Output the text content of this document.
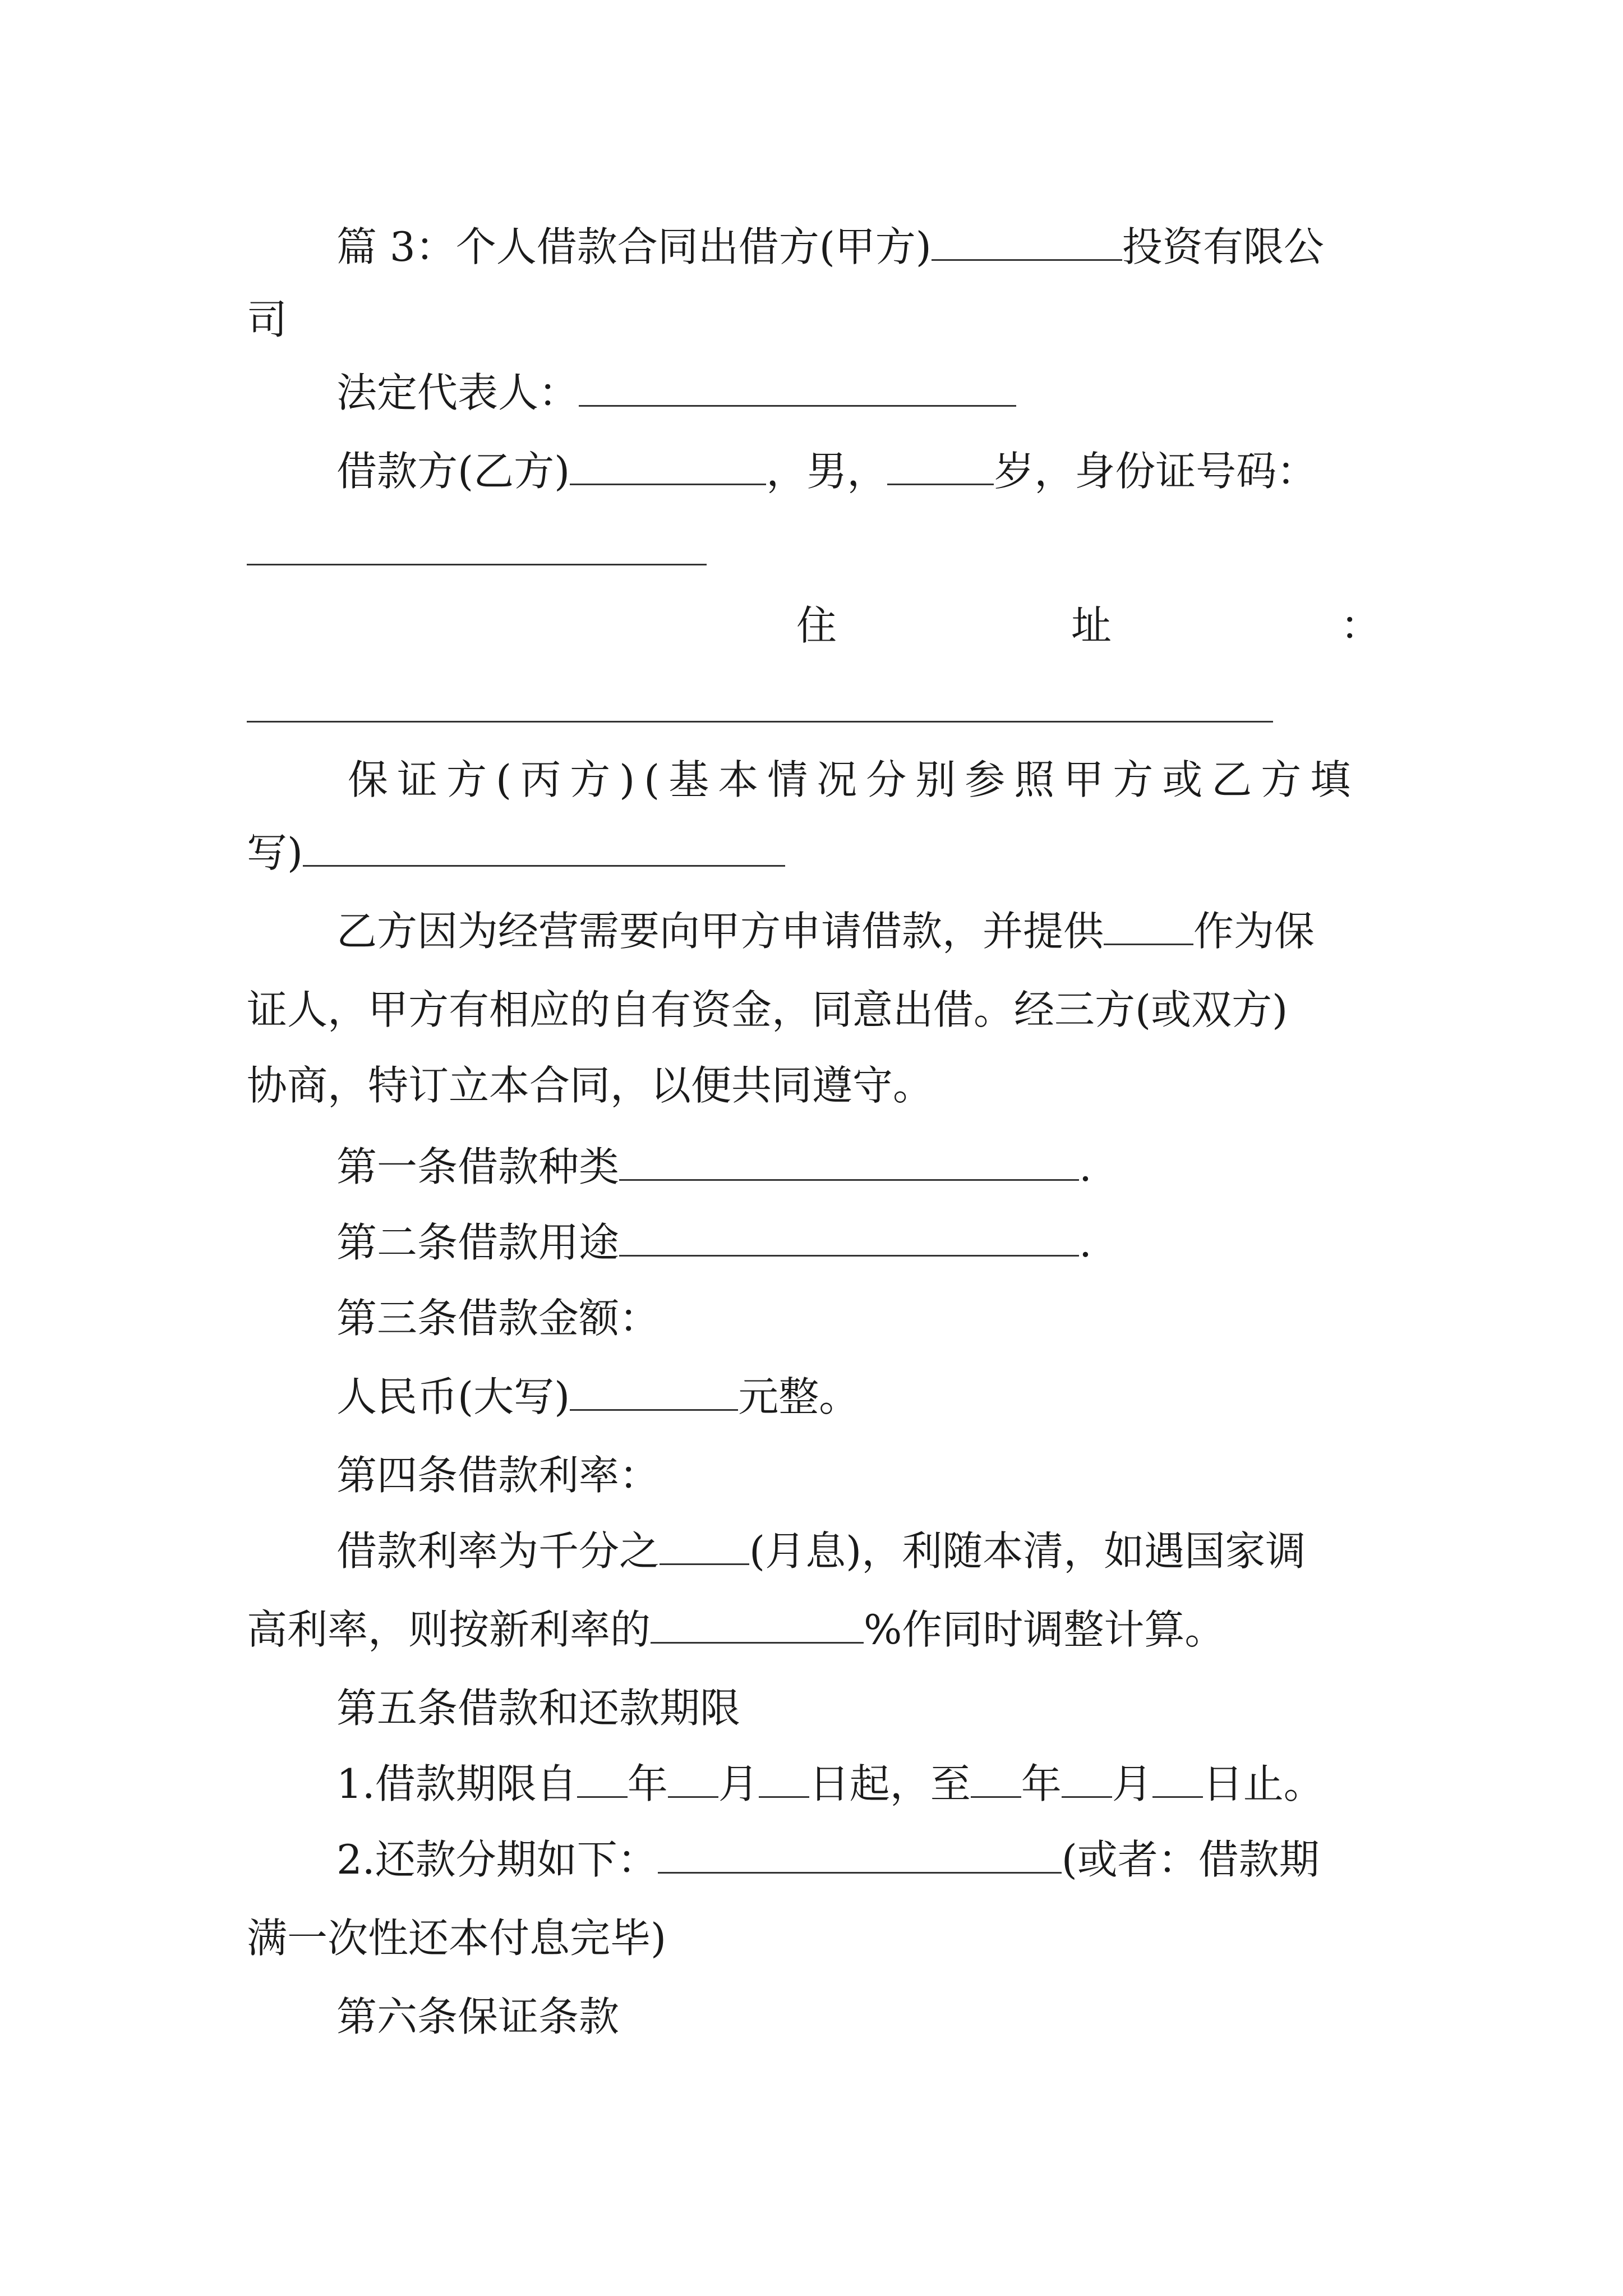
篇 3：个人借款合同出借方(甲方)	投资有限公

司

法定代表人：

借款方(乙方)	，男，	岁，身份证号码：

住	址	：

保证方(丙方)(基本情况分别参照甲方或乙方填

写)

乙方因为经营需要向甲方申请借款，并提供 作为保

证人，甲方有相应的自有资金，同意出借。经三方(或双方)

协商，特订立本合同，以便共同遵守。

第一条借款种类	.

第二条借款用途	.

第三条借款金额：

人民币(大写)	元整。

第四条借款利率：

借款利率为千分之 (月息)，利随本清，如遇国家调

高利率，则按新利率的	%作同时调整计算。

第五条借款和还款期限

1.借款期限自 年 月 日起，至 年 月 日止。

2.还款分期如下：	(或者：借款期

满一次性还本付息完毕)

第六条保证条款
